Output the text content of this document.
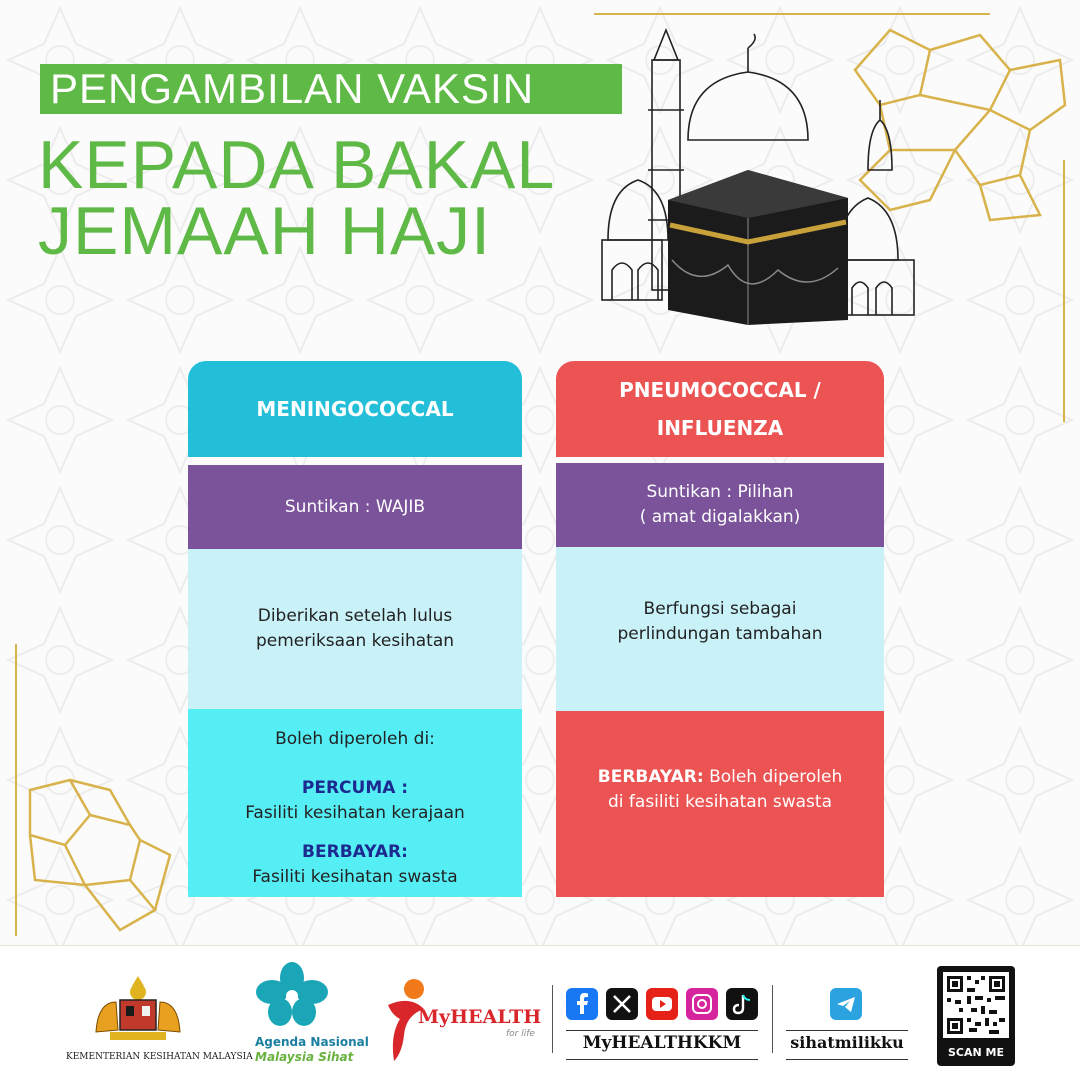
PENGAMBILAN VAKSIN
KEPADA BAKAL
JEMAAH HAJI
MENINGOCOCCAL
Suntikan : WAJIB
Diberikan setelah lulus pemeriksaan kesihatan
Boleh diperoleh di:
PERCUMA :
Fasiliti kesihatan kerajaan
BERBAYAR:
Fasiliti kesihatan swasta
PNEUMOCOCCAL /
INFLUENZA
Suntikan : Pilihan
( amat digalakkan)
Berfungsi sebagai
perlindungan tambahan
BERBAYAR: Boleh diperoleh
di fasiliti kesihatan swasta
KEMENTERIAN KESIHATAN MALAYSIA
Agenda Nasional
Malaysia Sihat
MyHEALTH
for life	MyHEALTHKKM	sihatmilikku
SCAN ME
